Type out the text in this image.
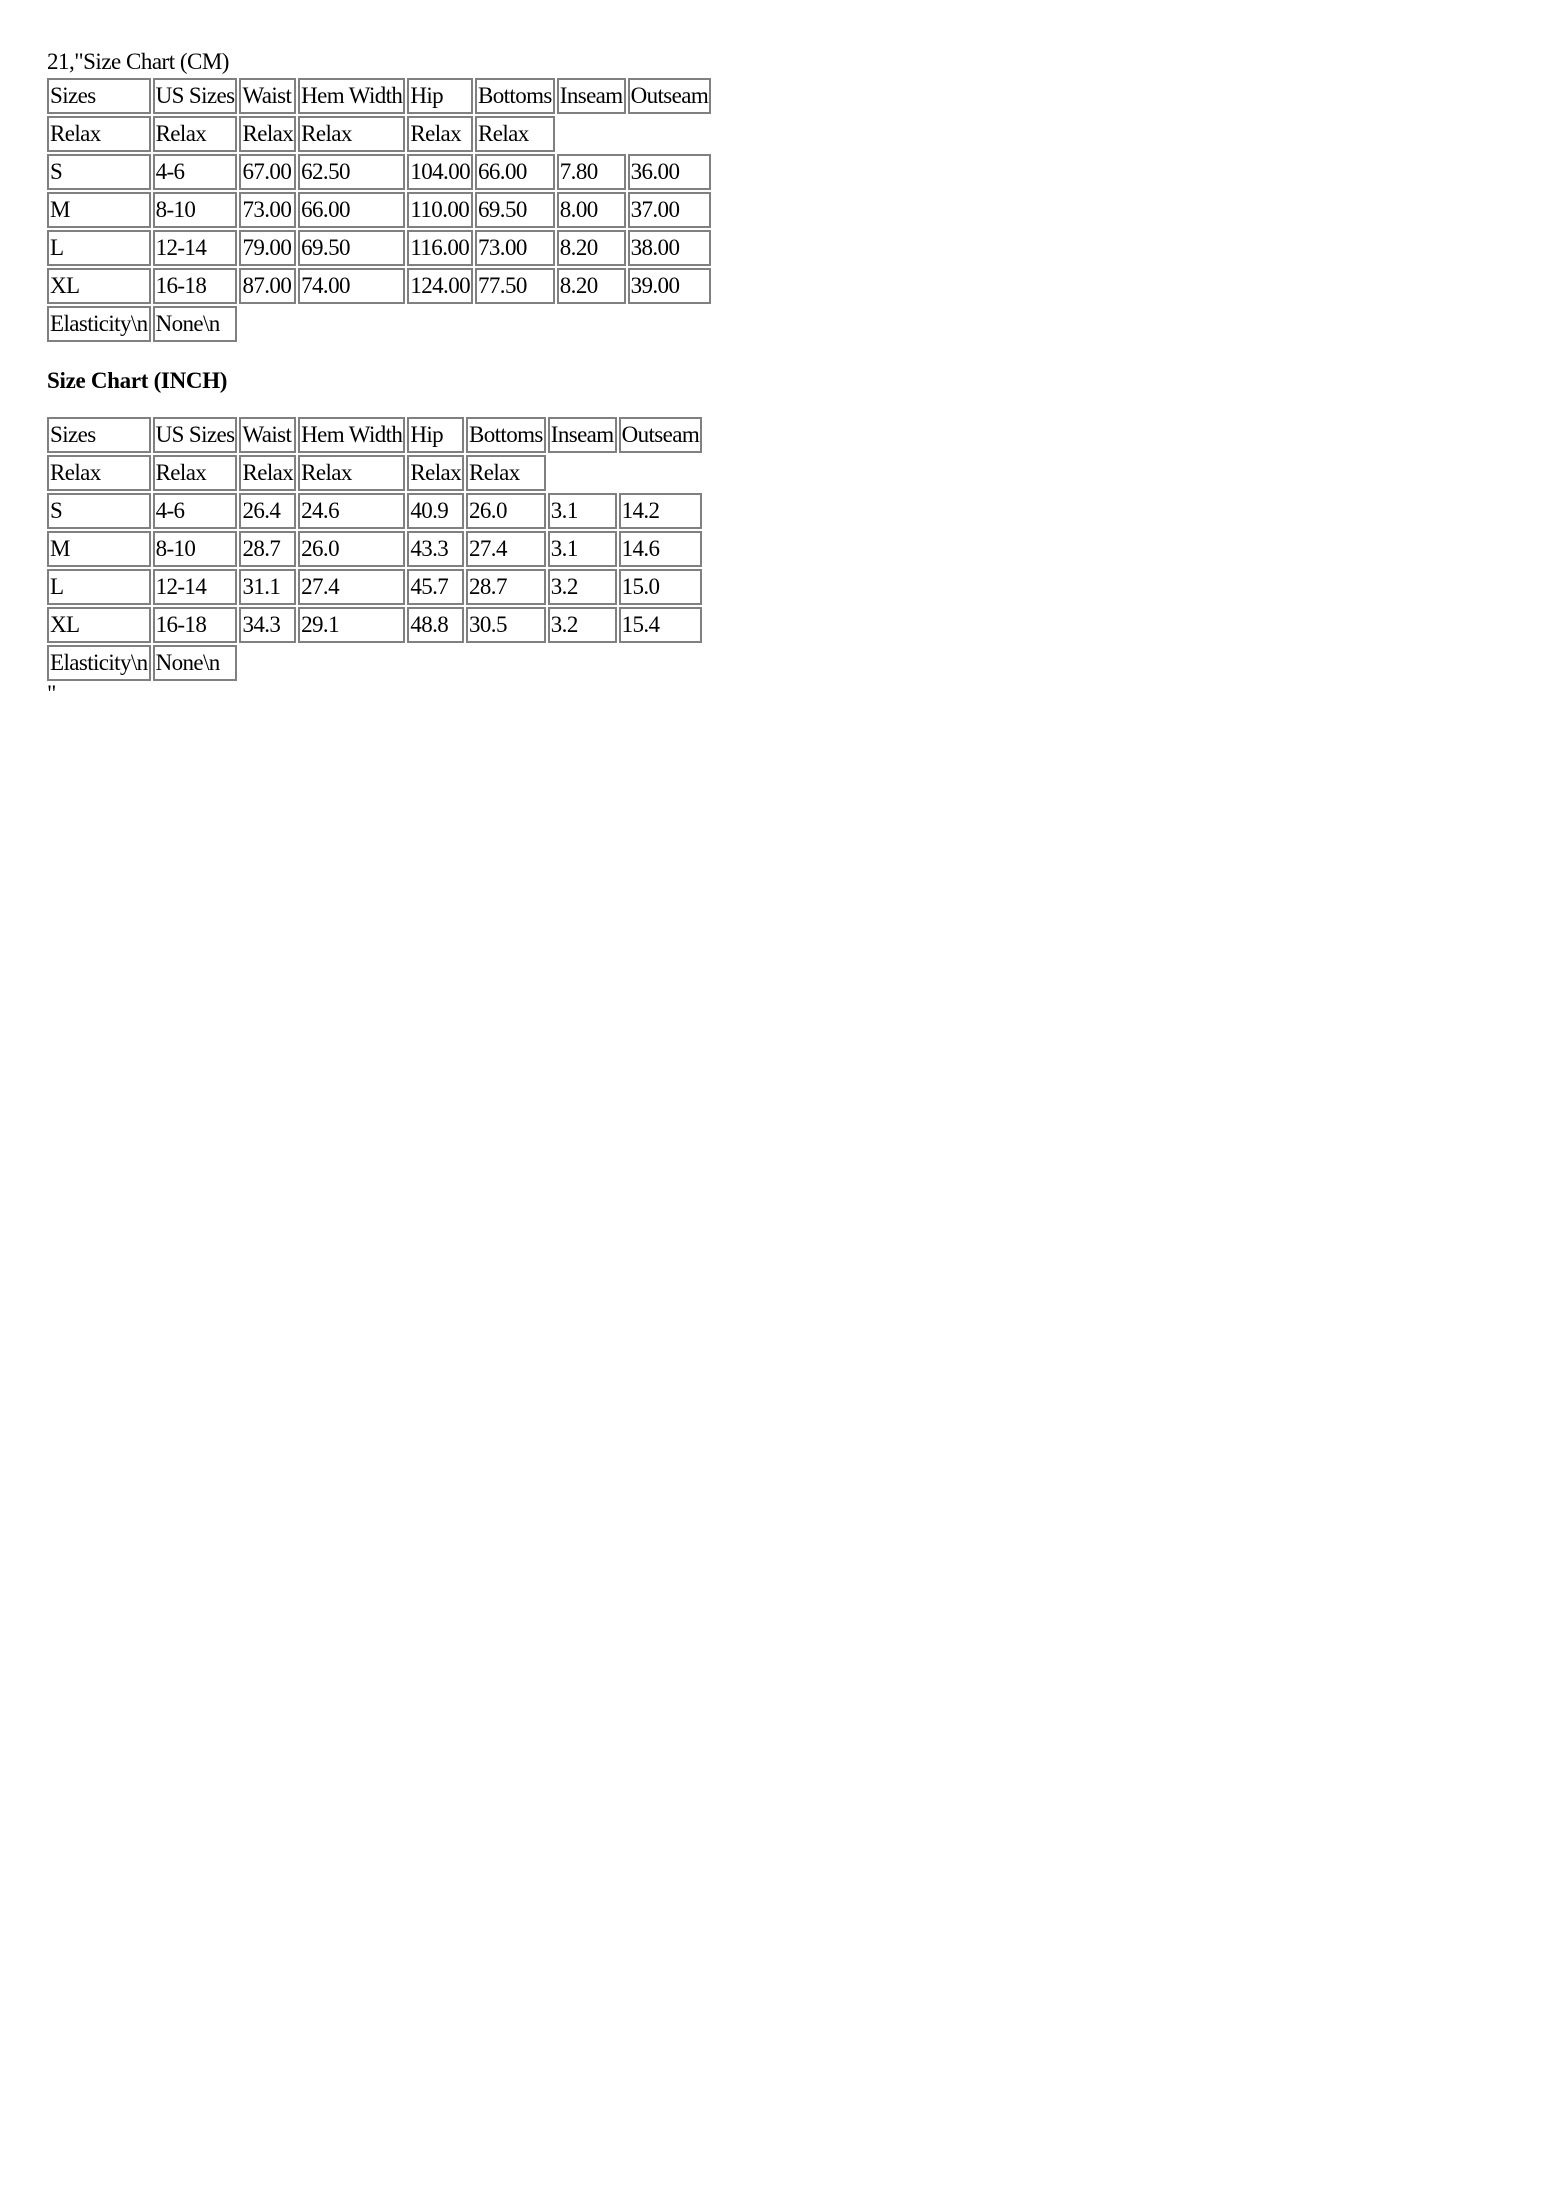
21,"Size Chart (CM)
Sizes	US Sizes	Waist	Hem Width	Hip	Bottoms	Inseam	Outseam
Relax	Relax	Relax	Relax	Relax	Relax		
S	4-6	67.00	62.50	104.00	66.00	7.80	36.00
M	8-10	73.00	66.00	110.00	69.50	8.00	37.00
L	12-14	79.00	69.50	116.00	73.00	8.20	38.00
XL	16-18	87.00	74.00	124.00	77.50	8.20	39.00
Elasticity\n	None\n						
Size Chart (INCH)
Sizes	US Sizes	Waist	Hem Width	Hip	Bottoms	Inseam	Outseam
Relax	Relax	Relax	Relax	Relax	Relax		
S	4-6	26.4	24.6	40.9	26.0	3.1	14.2
M	8-10	28.7	26.0	43.3	27.4	3.1	14.6
L	12-14	31.1	27.4	45.7	28.7	3.2	15.0
XL	16-18	34.3	29.1	48.8	30.5	3.2	15.4
Elasticity\n	None\n						
"
